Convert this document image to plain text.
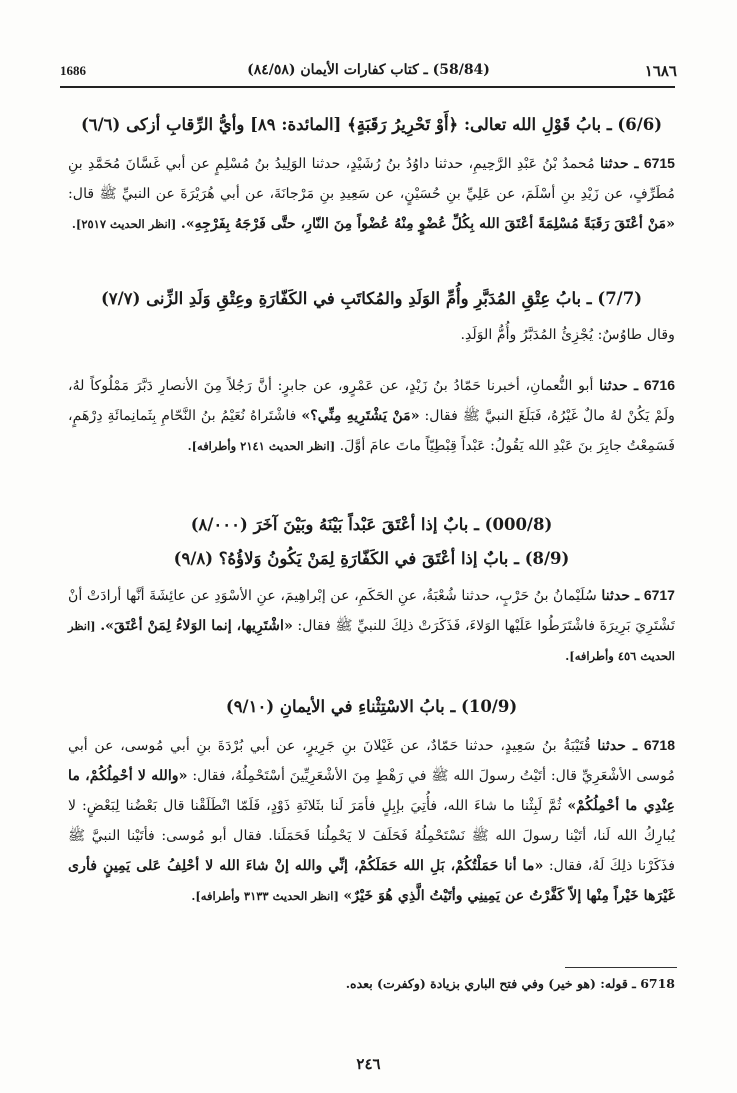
١٦٨٦
(58/84) ـ كتاب كفارات الأيمان (٨٤/٥٨)
1686
(6/6) ـ بابُ قَوْلِ الله تعالى: ﴿أَوْ تَحْرِيرُ رَقَبَةٍ﴾ [المائدة: ٨٩] وأيُّ الرِّقابِ أزكى (٦/٦)
6715 ـ حدثنا مُحمدُ بْنُ عَبْدِ الرَّحِيمِ، حدثنا داوُدُ بنُ رُشَيْدٍ، حدثنا الوَلِيدُ بنُ مُسْلِمٍ عن أبي غَسَّانَ مُحَمَّدِ بنِ مُطَرِّفٍ، عن زَيْدِ بنِ أسْلَمَ، عن عَلِيِّ بنِ حُسَيْنٍ، عن سَعِيدِ بنِ مَرْجانَةَ، عن أبي هُرَيْرَةَ عن النبيِّ ﷺ قال: «مَنْ أعْتَقَ رَقَبَةً مُسْلِمَةً أعْتَقَ الله بِكُلِّ عُضْوٍ مِنْهُ عُضْواً مِنَ النّارِ، حتَّى فَرْجَهُ بِفَرْجِهِ». [انظر الحديث ٢٥١٧].
(7/7) ـ بابُ عِتْقِ المُدَبَّرِ وأُمِّ الوَلَدِ والمُكاتَبِ في الكَفّارَةِ وعِتْقِ وَلَدِ الزِّنى (٧/٧)
وقال طاوُسٌ: يُجْزِئُ المُدَبَّرُ وأُمُّ الوَلَدِ.
6716 ـ حدثنا أبو النُّعمانِ، أخبرنا حَمّادُ بنُ زَيْدٍ، عن عَمْرٍو، عن جابرٍ: أنَّ رَجُلاً مِنَ الأنصارِ دَبَّرَ مَمْلُوكاً لهُ، ولَمْ يَكُنْ لهُ مالٌ غَيْرُهُ، فَبَلَغَ النبيَّ ﷺ فقال: «مَنْ يَشْتَرِيهِ مِنِّي؟» فاشْتَراهُ نُعَيْمُ بنُ النَّحّامِ بِثَمانِمائَةِ دِرْهَمٍ، فَسَمِعْتُ جابِرَ بنَ عَبْدِ الله يَقُولُ: عَبْداً قِبْطِيّاً ماتَ عامَ أوَّلَ. [انظر الحديث ٢١٤١ وأطرافه].
(000/8) ـ بابٌ إذا أعْتَقَ عَبْداً بَيْنَهُ وبَيْنَ آخَرَ (٨/٠٠٠)
(8/9) ـ بابٌ إذا أعْتَقَ في الكَفّارَةِ لِمَنْ يَكُونُ وَلاؤُهُ؟ (٩/٨)
6717 ـ حدثنا سُلَيْمانُ بنُ حَرْبٍ، حدثنا شُعْبَةُ، عنِ الحَكَمِ، عن إبْراهِيمَ، عنِ الأسْوَدِ عن عائِشَةَ أنَّها أرادَتْ أنْ تَشْتَرِيَ بَرِيرَةَ فاشْتَرَطُوا عَلَيْها الوَلاءَ، فَذَكَرَتْ ذلِكَ للنبيِّ ﷺ فقال: «اشْتَرِيها، إنما الوَلاءُ لِمَنْ أعْتَقَ». [انظر الحديث ٤٥٦ وأطرافه].
(10/9) ـ بابُ الاسْتِثْناءِ في الأيمانِ (٩/١٠)
6718 ـ حدثنا قُتَيْبَةُ بنُ سَعِيدٍ، حدثنا حَمّادٌ، عن غَيْلانَ بنِ جَرِيرٍ، عن أبي بُرْدَةَ بنِ أبي مُوسى، عن أبي مُوسى الأشْعَرِيِّ قال: أتَيْتُ رسولَ الله ﷺ في رَهْطٍ مِنَ الأشْعَرِيِّينَ أسْتَحْمِلُهُ، فقال: «والله لا أحْمِلُكُمْ، ما عِنْدِي ما أحْمِلُكُمْ» ثُمَّ لَبِثْنا ما شاءَ الله، فأُتِيَ بإبِلٍ فأمَرَ لَنا بثَلاثَةِ ذَوْدٍ، فَلَمّا انْطَلَقْنا قال بَعْضُنا لِبَعْضٍ: لا يُبارِكُ الله لَنا، أتَيْنا رسولَ الله ﷺ نَسْتَحْمِلُهُ فَحَلَفَ لا يَحْمِلُنا فَحَمَلَنا. فقال أبو مُوسى: فأتَيْنا النبيَّ ﷺ فذَكَرْنا ذلِكَ لَهُ، فقال: «ما أنا حَمَلْتُكُمْ، بَلِ الله حَمَلَكُمْ، إنِّي والله إنْ شاءَ الله لا أحْلِفُ عَلى يَمِينٍ فأرى غَيْرَها خَيْراً مِنْها إلاّ كَفَّرْتُ عن يَمِينِي وأتَيْتُ الَّذِي هُوَ خَيْرٌ» [انظر الحديث ٣١٣٣ وأطرافه].
6718 ـ قوله: (هو خير) وفي فتح الباري بزيادة (وكفرت) بعده.
٢٤٦
